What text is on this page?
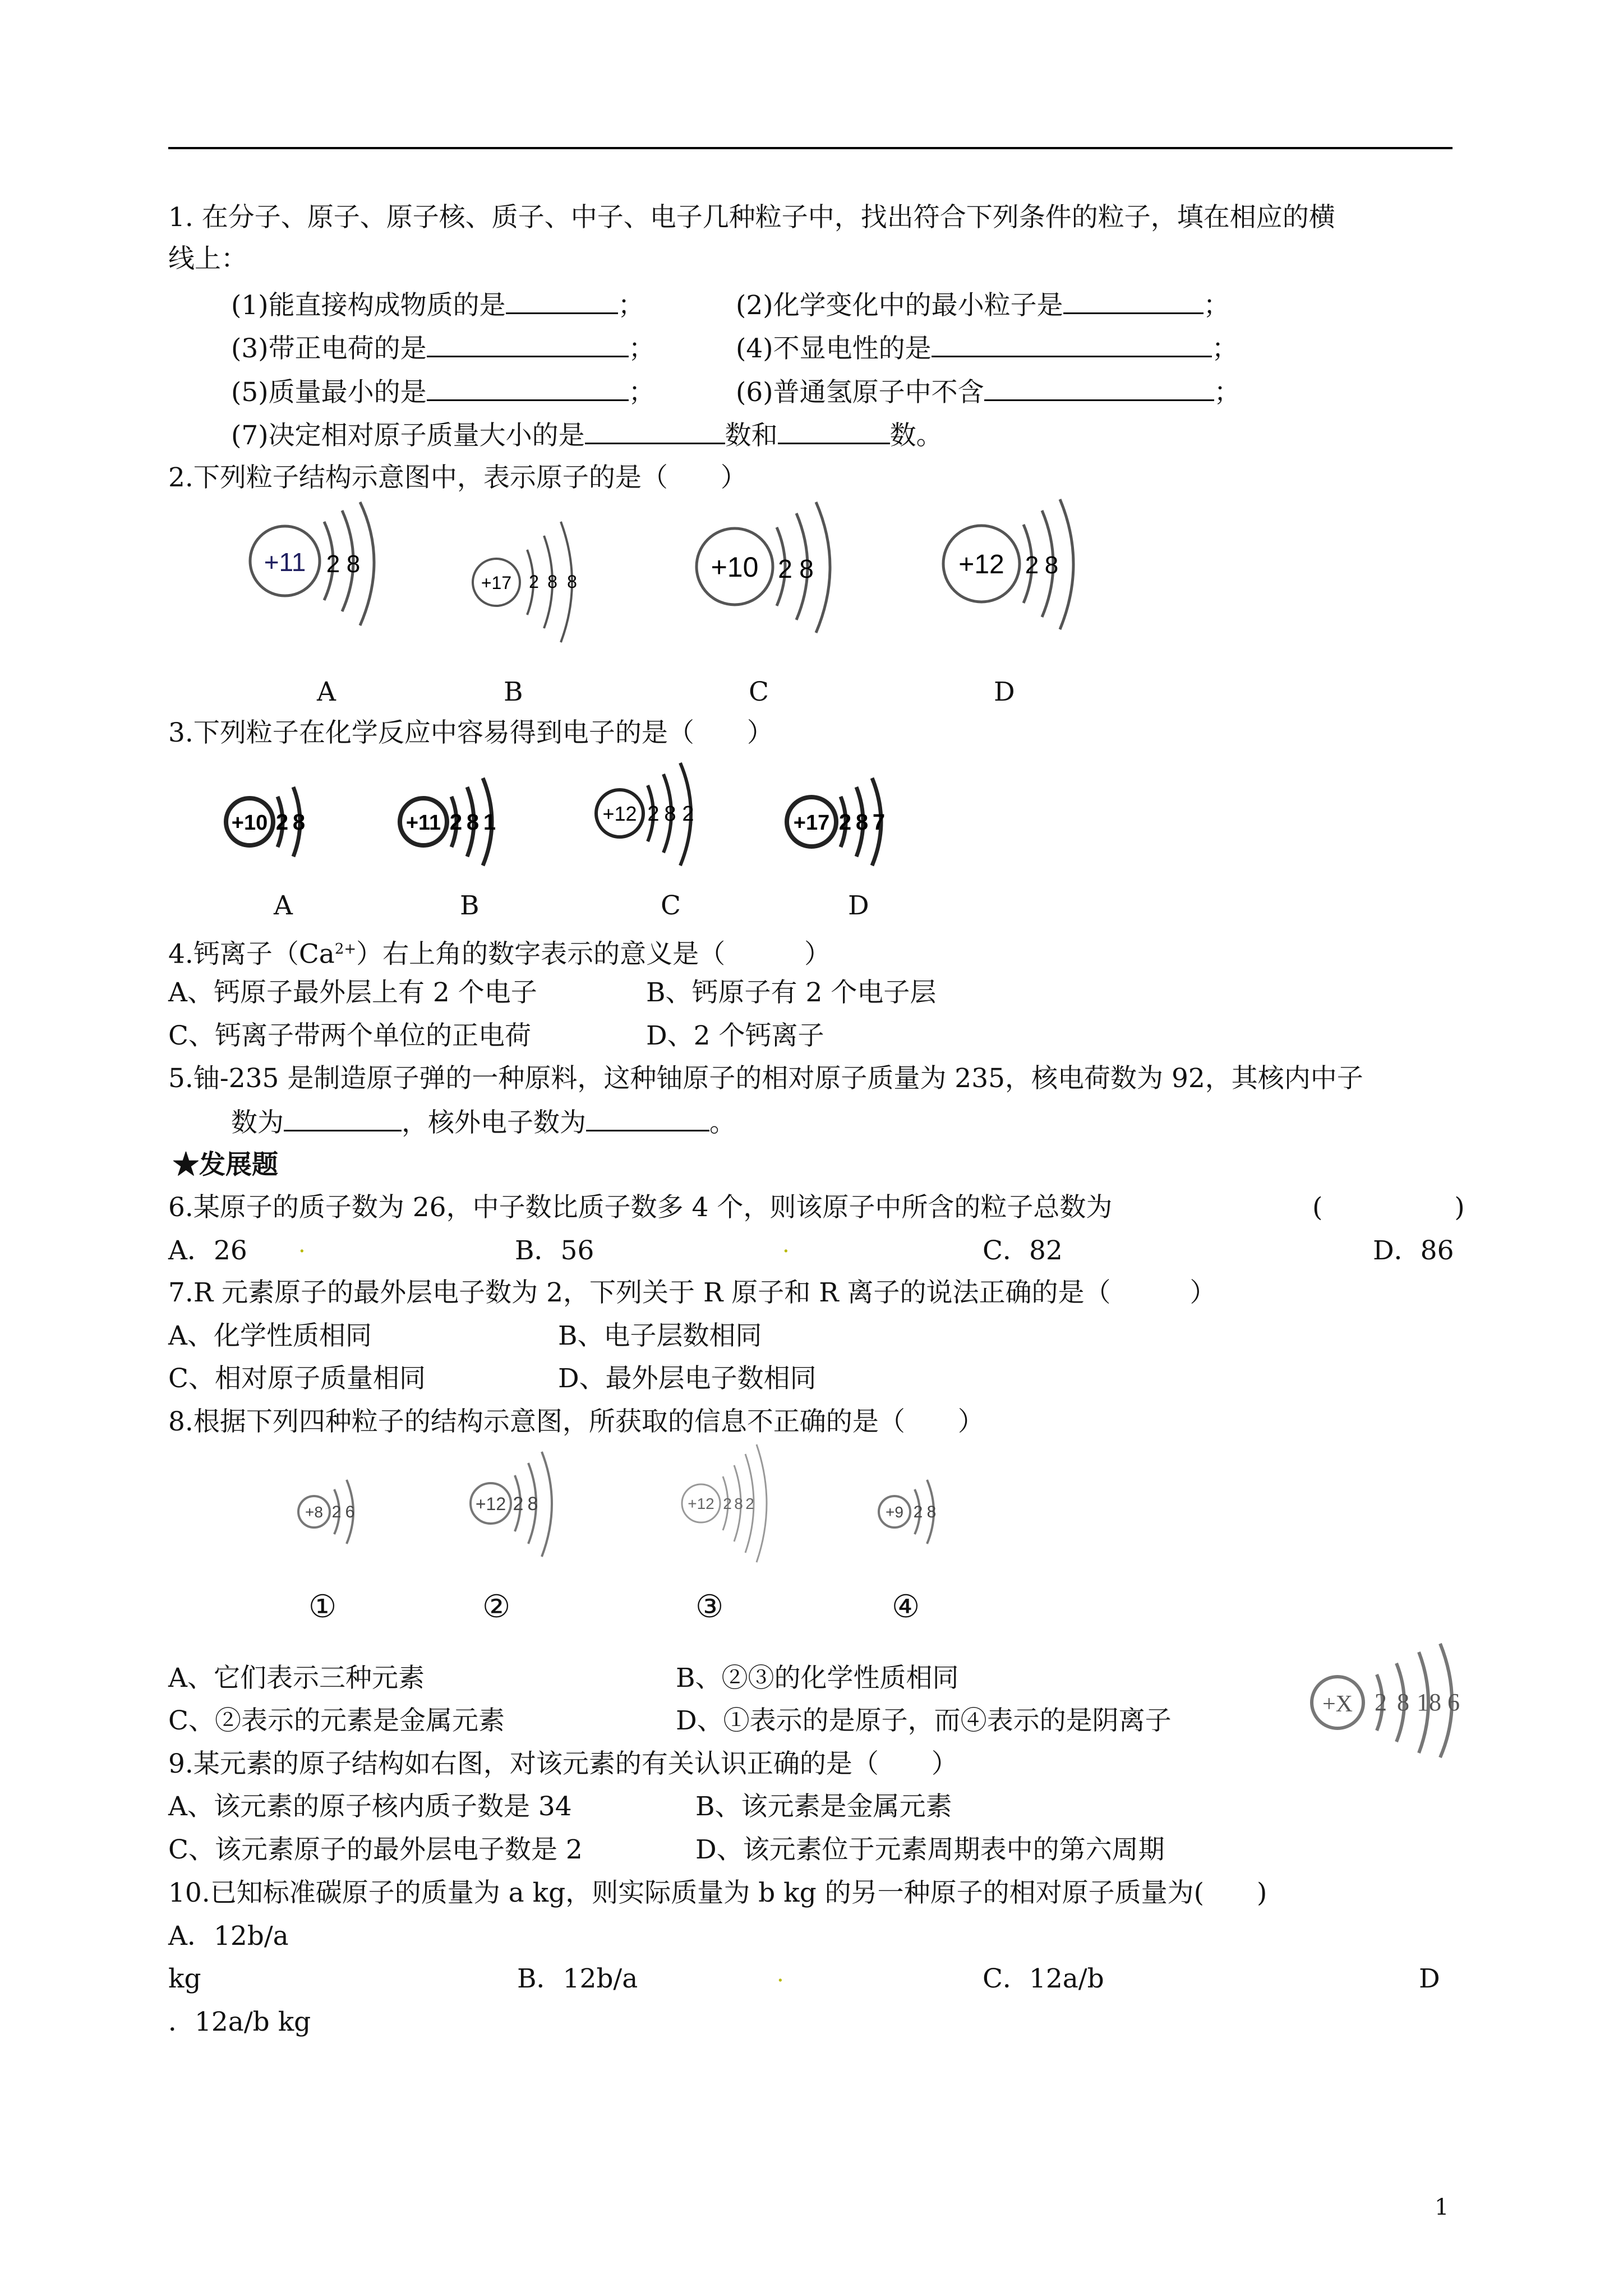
1. 在分子、原子、原子核、质子、中子、电子几种粒子中，找出符合下列条件的粒子，填在相应的横
线上：
(1)能直接构成物质的是	；	(2)化学变化中的最小粒子是	；
(3)带正电荷的是	；	(4)不显电性的是	；
(5)质量最小的是	；	(6)普通氢原子中不含	；
(7)决定相对原子质量大小的是	数和	数。
2.下列粒子结构示意图中，表示原子的是（　　）
+11 2 8
+17 2 8 8	+10 2 8	+12 2 8
A	B	C	D
3.下列粒子在化学反应中容易得到电子的是（　　）
+10 2 8	+11 2 8 1	+12 2 8 2	+17 2 8 7
A	B	C	D
4.钙离子$(Ca^{2+})$右上角的数字表示的意义是（　　　）
A、钙原子最外层上有 2 个电子	B、钙原子有 2 个电子层
C、钙离子带两个单位的正电荷	D、2 个钙离子
5.铀-235 是制造原子弹的一种原料，这种铀原子的相对原子质量为 235，核电荷数为 92，其核内中子
数为	，核外电子数为	。
★发展题
6.某原子的质子数为 26，中子数比质子数多 4 个，则该原子中所含的粒子总数为	(　　　　　)
A．26 .	B．56	.	C．82	D．86
7.R 元素原子的最外层电子数为 2，下列关于 R 原子和 R 离子的说法正确的是（　　　）
A、化学性质相同	B、电子层数相同
C、相对原子质量相同	D、最外层电子数相同
8.根据下列四种粒子的结构示意图，所获取的信息不正确的是（　　）
+8 2 6	+12 2 8	+12 2 8 2	+9 2 8
①	②	③	④
A、它们表示三种元素	B、②③的化学性质相同
C、②表示的元素是金属元素	D、①表示的是原子，而④表示的是阴离子
+X 2 8 18 6
9.某元素的原子结构如右图，对该元素的有关认识正确的是（　　）
A、该元素的原子核内质子数是 34	B、该元素是金属元素
C、该元素原子的最外层电子数是 2	D、该元素位于元素周期表中的第六周期
10.已知标准碳原子的质量为 a kg，则实际质量为 b kg 的另一种原子的相对原子质量为(　　)
A．12b/a
kg	B．12b/a	.	C．12a/b	D
．12a/b kg
1
